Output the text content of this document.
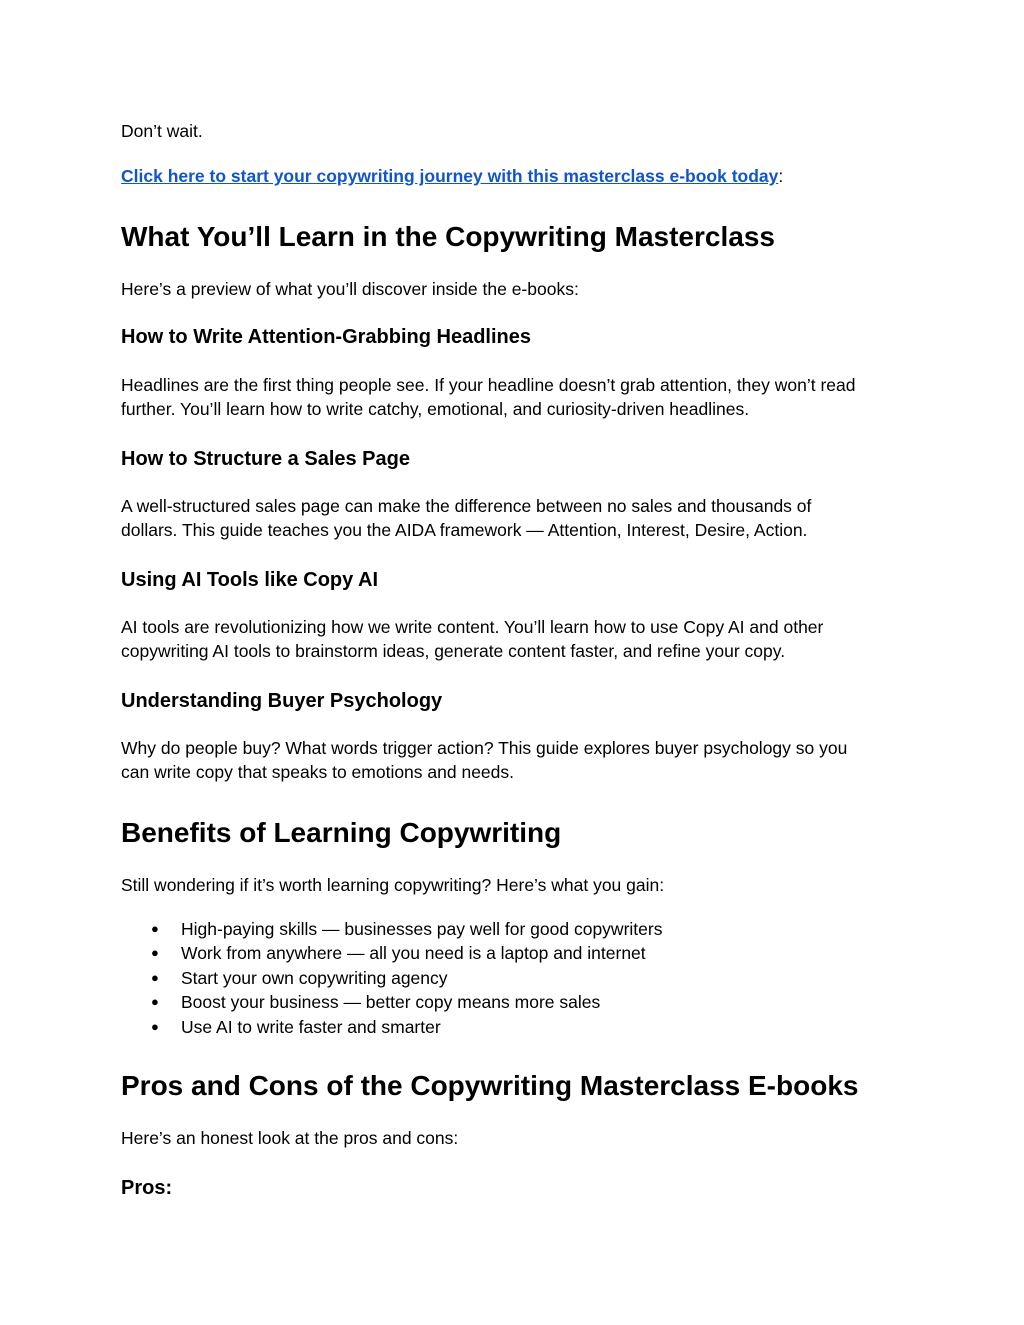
Don’t wait.

Click here to start your copywriting journey with this masterclass e-book today:

What You’ll Learn in the Copywriting Masterclass

Here’s a preview of what you’ll discover inside the e-books:

How to Write Attention-Grabbing Headlines

Headlines are the first thing people see. If your headline doesn’t grab attention, they won’t read

further. You’ll learn how to write catchy, emotional, and curiosity-driven headlines.

How to Structure a Sales Page

A well-structured sales page can make the difference between no sales and thousands of

dollars. This guide teaches you the AIDA framework — Attention, Interest, Desire, Action.

Using AI Tools like Copy AI

AI tools are revolutionizing how we write content. You’ll learn how to use Copy AI and other

copywriting AI tools to brainstorm ideas, generate content faster, and refine your copy.

Understanding Buyer Psychology

Why do people buy? What words trigger action? This guide explores buyer psychology so you

can write copy that speaks to emotions and needs.

Benefits of Learning Copywriting

Still wondering if it’s worth learning copywriting? Here’s what you gain:

● High-paying skills — businesses pay well for good copywriters
● Work from anywhere — all you need is a laptop and internet
● Start your own copywriting agency
● Boost your business — better copy means more sales
● Use AI to write faster and smarter
Pros and Cons of the Copywriting Masterclass E-books

Here’s an honest look at the pros and cons:

Pros:
